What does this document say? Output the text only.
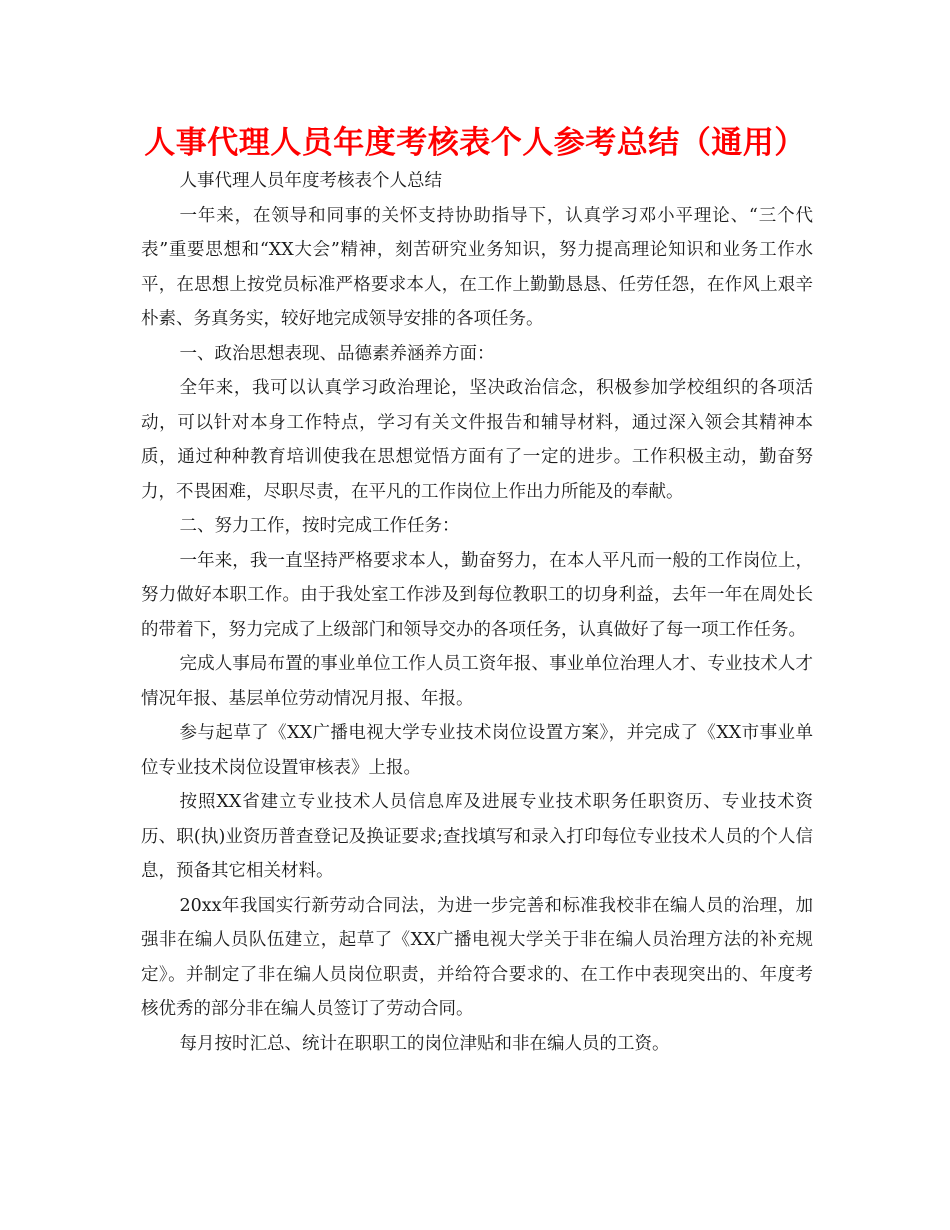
人事代理人员年度考核表个人参考总结（通用）

人事代理人员年度考核表个人总结

一年来，在领导和同事的关怀支持协助指导下，认真学习邓小平理论、“三个代表”重要思想和“XX大会”精神，刻苦研究业务知识，努力提高理论知识和业务工作水平，在思想上按党员标准严格要求本人，在工作上勤勤恳恳、任劳任怨，在作风上艰辛朴素、务真务实，较好地完成领导安排的各项任务。

一、政治思想表现、品德素养涵养方面：

全年来，我可以认真学习政治理论，坚决政治信念，积极参加学校组织的各项活动，可以针对本身工作特点，学习有关文件报告和辅导材料，通过深入领会其精神本质，通过种种教育培训使我在思想觉悟方面有了一定的进步。工作积极主动，勤奋努力，不畏困难，尽职尽责，在平凡的工作岗位上作出力所能及的奉献。

二、努力工作，按时完成工作任务：

一年来，我一直坚持严格要求本人，勤奋努力，在本人平凡而一般的工作岗位上，努力做好本职工作。由于我处室工作涉及到每位教职工的切身利益，去年一年在周处长的带着下，努力完成了上级部门和领导交办的各项任务，认真做好了每一项工作任务。

完成人事局布置的事业单位工作人员工资年报、事业单位治理人才、专业技术人才情况年报、基层单位劳动情况月报、年报。

参与起草了《XX广播电视大学专业技术岗位设置方案》，并完成了《XX市事业单位专业技术岗位设置审核表》上报。

按照XX省建立专业技术人员信息库及进展专业技术职务任职资历、专业技术资历、职(执)业资历普查登记及换证要求;查找填写和录入打印每位专业技术人员的个人信息，预备其它相关材料。

20xx年我国实行新劳动合同法，为进一步完善和标准我校非在编人员的治理，加强非在编人员队伍建立，起草了《XX广播电视大学关于非在编人员治理方法的补充规定》。并制定了非在编人员岗位职责，并给符合要求的、在工作中表现突出的、年度考核优秀的部分非在编人员签订了劳动合同。

每月按时汇总、统计在职职工的岗位津贴和非在编人员的工资。
